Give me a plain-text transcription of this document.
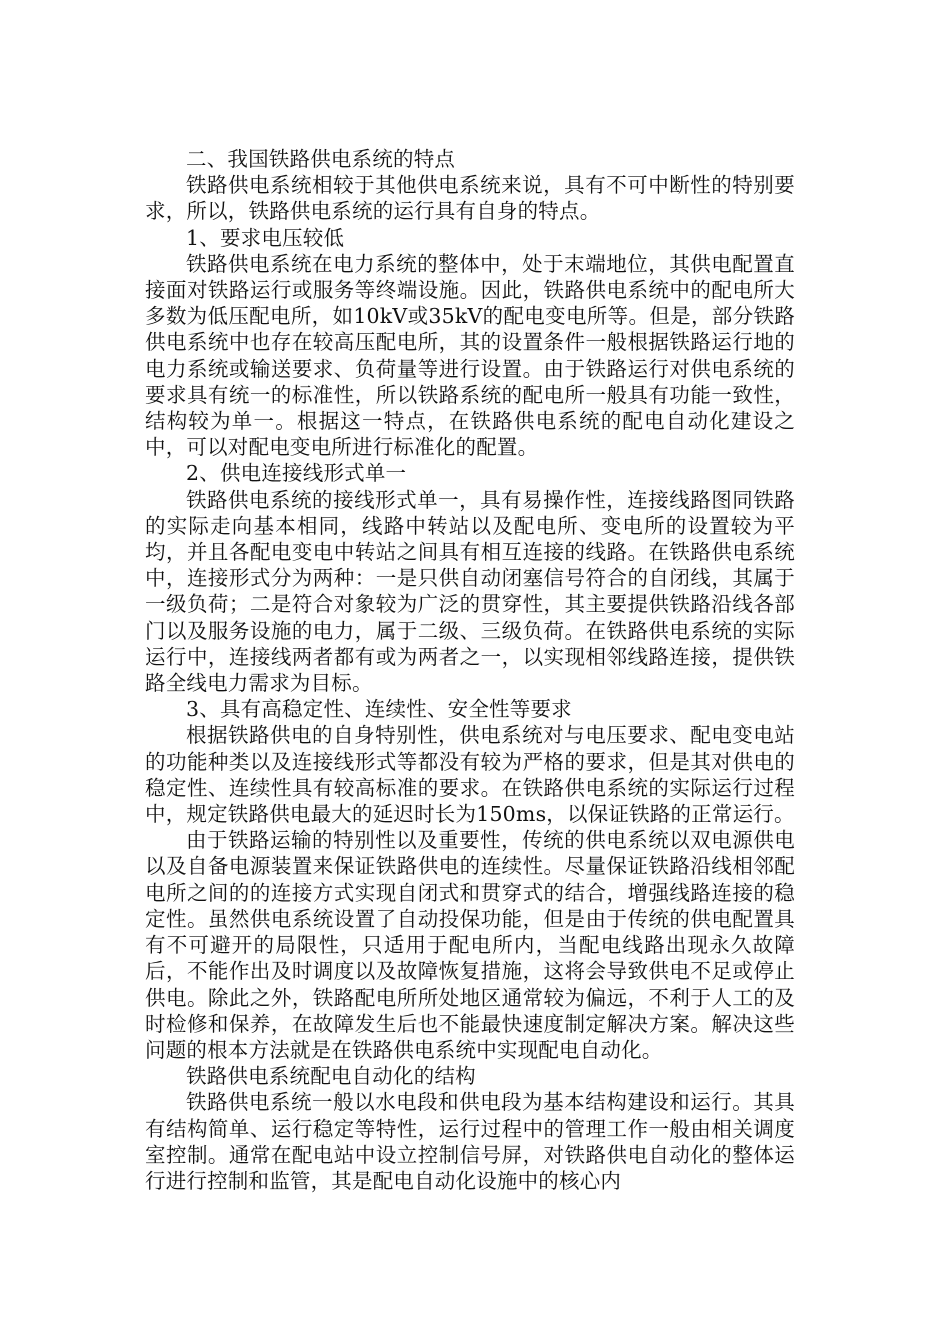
二、我国铁路供电系统的特点

铁路供电系统相较于其他供电系统来说，具有不可中断性的特别要求，所以，铁路供电系统的运行具有自身的特点。

1、要求电压较低

铁路供电系统在电力系统的整体中，处于末端地位，其供电配置直接面对铁路运行或服务等终端设施。因此，铁路供电系统中的配电所大多数为低压配电所，如10kV或35kV的配电变电所等。但是，部分铁路供电系统中也存在较高压配电所，其的设置条件一般根据铁路运行地的电力系统或输送要求、负荷量等进行设置。由于铁路运行对供电系统的要求具有统一的标准性，所以铁路系统的配电所一般具有功能一致性，结构较为单一。根据这一特点，在铁路供电系统的配电自动化建设之中，可以对配电变电所进行标准化的配置。

2、供电连接线形式单一

铁路供电系统的接线形式单一，具有易操作性，连接线路图同铁路的实际走向基本相同，线路中转站以及配电所、变电所的设置较为平均，并且各配电变电中转站之间具有相互连接的线路。在铁路供电系统中，连接形式分为两种：一是只供自动闭塞信号符合的自闭线，其属于一级负荷；二是符合对象较为广泛的贯穿性，其主要提供铁路沿线各部门以及服务设施的电力，属于二级、三级负荷。在铁路供电系统的实际运行中，连接线两者都有或为两者之一，以实现相邻线路连接，提供铁路全线电力需求为目标。

3、具有高稳定性、连续性、安全性等要求

根据铁路供电的自身特别性，供电系统对与电压要求、配电变电站的功能种类以及连接线形式等都没有较为严格的要求，但是其对供电的稳定性、连续性具有较高标准的要求。在铁路供电系统的实际运行过程中，规定铁路供电最大的延迟时长为150ms，以保证铁路的正常运行。

由于铁路运输的特别性以及重要性，传统的供电系统以双电源供电以及自备电源装置来保证铁路供电的连续性。尽量保证铁路沿线相邻配电所之间的的连接方式实现自闭式和贯穿式的结合，增强线路连接的稳定性。虽然供电系统设置了自动投保功能，但是由于传统的供电配置具有不可避开的局限性，只适用于配电所内，当配电线路出现永久故障后，不能作出及时调度以及故障恢复措施，这将会导致供电不足或停止供电。除此之外，铁路配电所所处地区通常较为偏远，不利于人工的及时检修和保养，在故障发生后也不能最快速度制定解决方案。解决这些问题的根本方法就是在铁路供电系统中实现配电自动化。

铁路供电系统配电自动化的结构

铁路供电系统一般以水电段和供电段为基本结构建设和运行。其具有结构简单、运行稳定等特性，运行过程中的管理工作一般由相关调度室控制。通常在配电站中设立控制信号屏，对铁路供电自动化的整体运行进行控制和监管，其是配电自动化设施中的核心内
